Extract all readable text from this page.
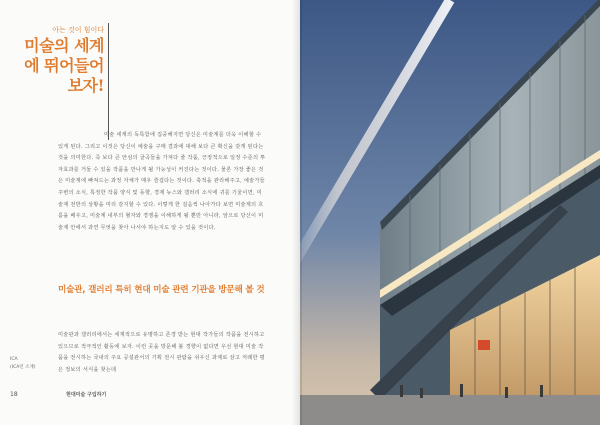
아는 것이 힘이다
미술의 세계에 뛰어들어 보자!

미술 세계의 독특함에 집중해지면 당신은 미술계를 더욱 이해할 수 있게 된다. 그리고 이것은 당신이 예술을 구매 결과에 대해 보다 큰 확신을 갖게 된다는 것을 의미한다. 즉 보다 큰 안심의 굴곡들을 가져다 줄 작품, 긍정적으로 일정 수준의 투자효과를 거둘 수 있을 작품을 만나게 될 가능성이 커진다는 것이다. 물론 가장 좋은 것은 미술계에 빠져드는 과정 자체가 매우 즐겁다는 것이다. 축적을 관리해주고, 예술가들 주변의 소식, 특정한 작품 양식 및 동향, 경제 뉴스와 갤러리 소식에 귀를 기울이면, 미술계 전반의 상황을 미리 감지할 수 있다. 이렇게 한 걸음씩 나아가다 보면 미술계의 흐름을 배우고, 미술계 내부의 혈자와 경쟁을 이해하게 될 뿐만 아니라, 앞으로 당신이 미술계 안에서 과연 무엇을 찾아 나서야 하는지도 알 수 있을 것이다.

미술관, 갤러리 특히 현대 미술 관련 기관을 방문해 볼 것

미술관과 갤러리에서는 세계적으로 유명하고 존경 받는 현대 작가들의 작품을 전시하고 있으므로 적극적인 활동에 보자. 이런 곳을 방문해 볼 경향이 없다면 우선 현대 미술 작품을 전시하는 국내의 주요 공설관서의 기획 전시 관람을 쉬우신 과제로 삼고 저래한 평은 정보의 서식을 찾는데

ICA
(ICA런 소재)
18	현대미술 구입하기
